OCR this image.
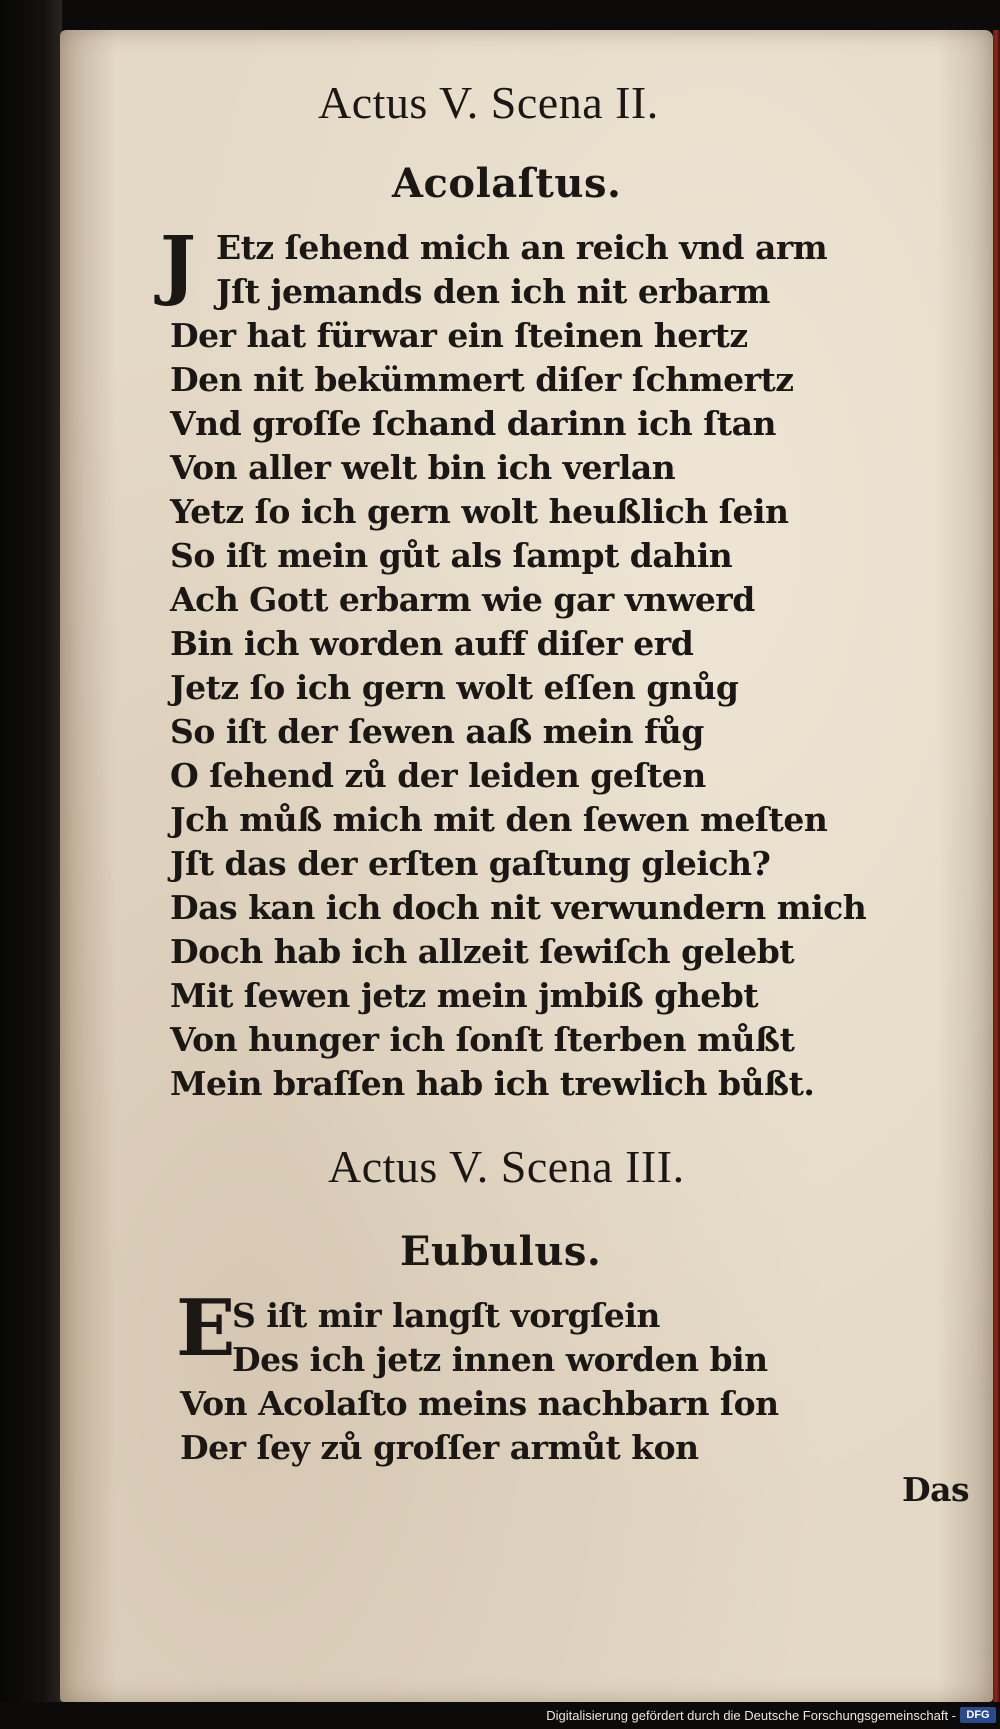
Actus V. Scena II.
Acolaſtus.
J Etz ſehend mich an reich vnd arm
Jſt jemands den ich nit erbarm
Der hat fürwar ein ſteinen hertz
Den nit bekümmert diſer ſchmertz
Vnd groſſe ſchand darinn ich ſtan
Von aller welt bin ich verlan
Yetz ſo ich gern wolt heußlich ſein
So iſt mein gůt als ſampt dahin
Ach Gott erbarm wie gar vnwerd
Bin ich worden auff diſer erd
Jetz ſo ich gern wolt eſſen gnůg
So iſt der ſewen aaß mein fůg
O ſehend zů der leiden geſten
Jch můß mich mit den ſewen meſten
Jſt das der erſten gaſtung gleich?
Das kan ich doch nit verwundern mich
Doch hab ich allzeit ſewiſch gelebt
Mit ſewen jetz mein jmbiß ghebt
Von hunger ich ſonſt ſterben můßt
Mein braſſen hab ich trewlich bůßt.
Actus V. Scena III.
Eubulus.
E
S iſt mir langſt vorgſein
Des ich jetz innen worden bin
Von Acolaſto meins nachbarn ſon
Der ſey zů groſſer armůt kon
Das
Digitalisierung gefördert durch die Deutsche Forschungsgemeinschaft - DFG
